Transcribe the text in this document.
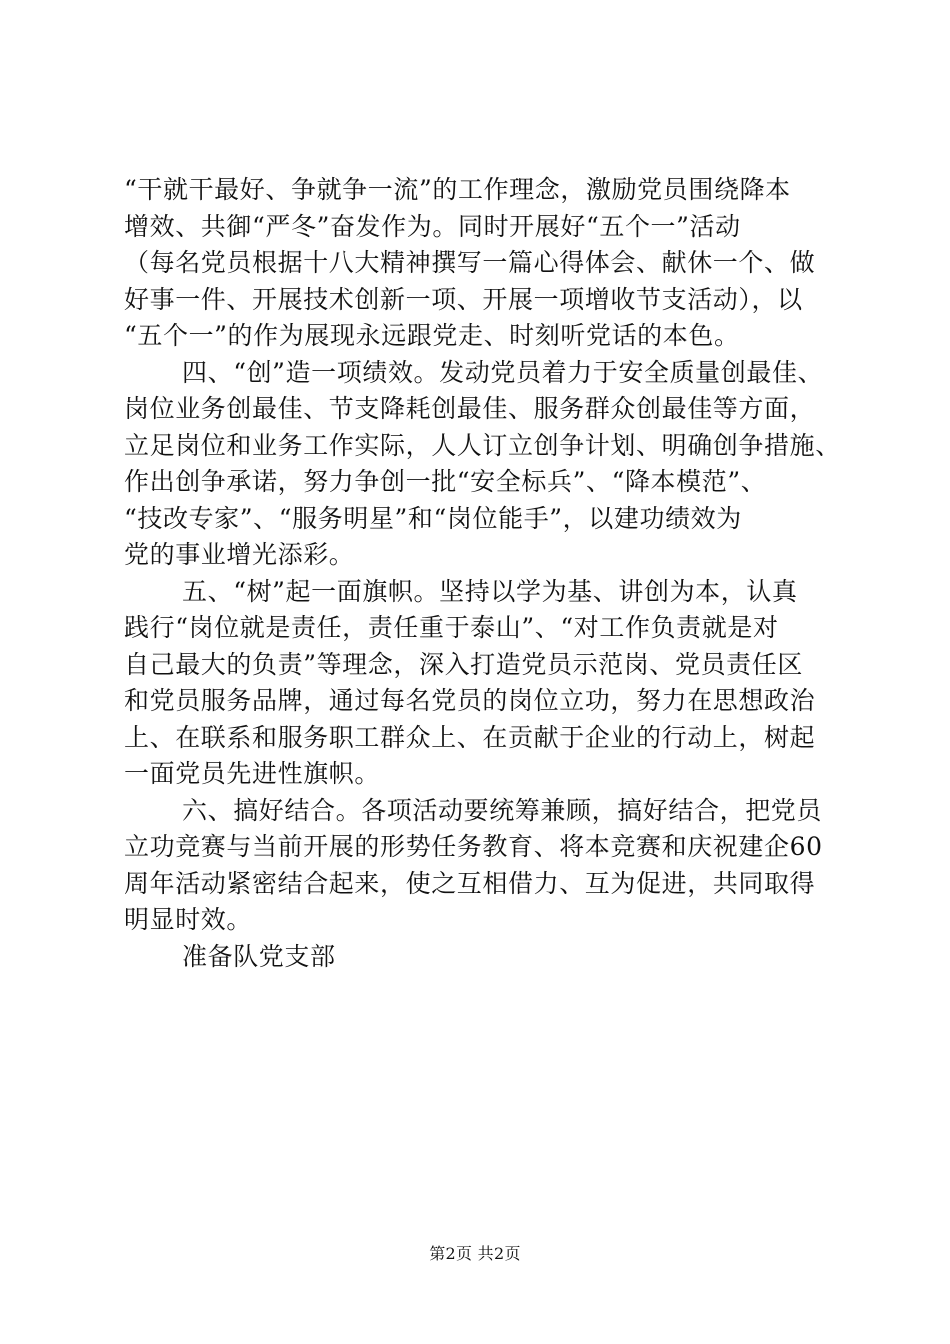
“干就干最好、争就争一流”的工作理念，激励党员围绕降本
增效、共御“严冬”奋发作为。同时开展好“五个一”活动
（每名党员根据十八大精神撰写一篇心得体会、献休一个、做
好事一件、开展技术创新一项、开展一项增收节支活动），以
“五个一”的作为展现永远跟党走、时刻听党话的本色。
四、“创”造一项绩效。发动党员着力于安全质量创最佳、
岗位业务创最佳、节支降耗创最佳、服务群众创最佳等方面，
立足岗位和业务工作实际，人人订立创争计划、明确创争措施、
作出创争承诺，努力争创一批“安全标兵”、“降本模范”、
“技改专家”、“服务明星”和“岗位能手”，以建功绩效为
党的事业增光添彩。
五、“树”起一面旗帜。坚持以学为基、讲创为本，认真
践行“岗位就是责任，责任重于泰山”、“对工作负责就是对
自己最大的负责”等理念，深入打造党员示范岗、党员责任区
和党员服务品牌，通过每名党员的岗位立功，努力在思想政治
上、在联系和服务职工群众上、在贡献于企业的行动上，树起
一面党员先进性旗帜。
六、搞好结合。各项活动要统筹兼顾，搞好结合，把党员
立功竞赛与当前开展的形势任务教育、将本竞赛和庆祝建企60
周年活动紧密结合起来，使之互相借力、互为促进，共同取得
明显时效。
准备队党支部
第2页 共2页
